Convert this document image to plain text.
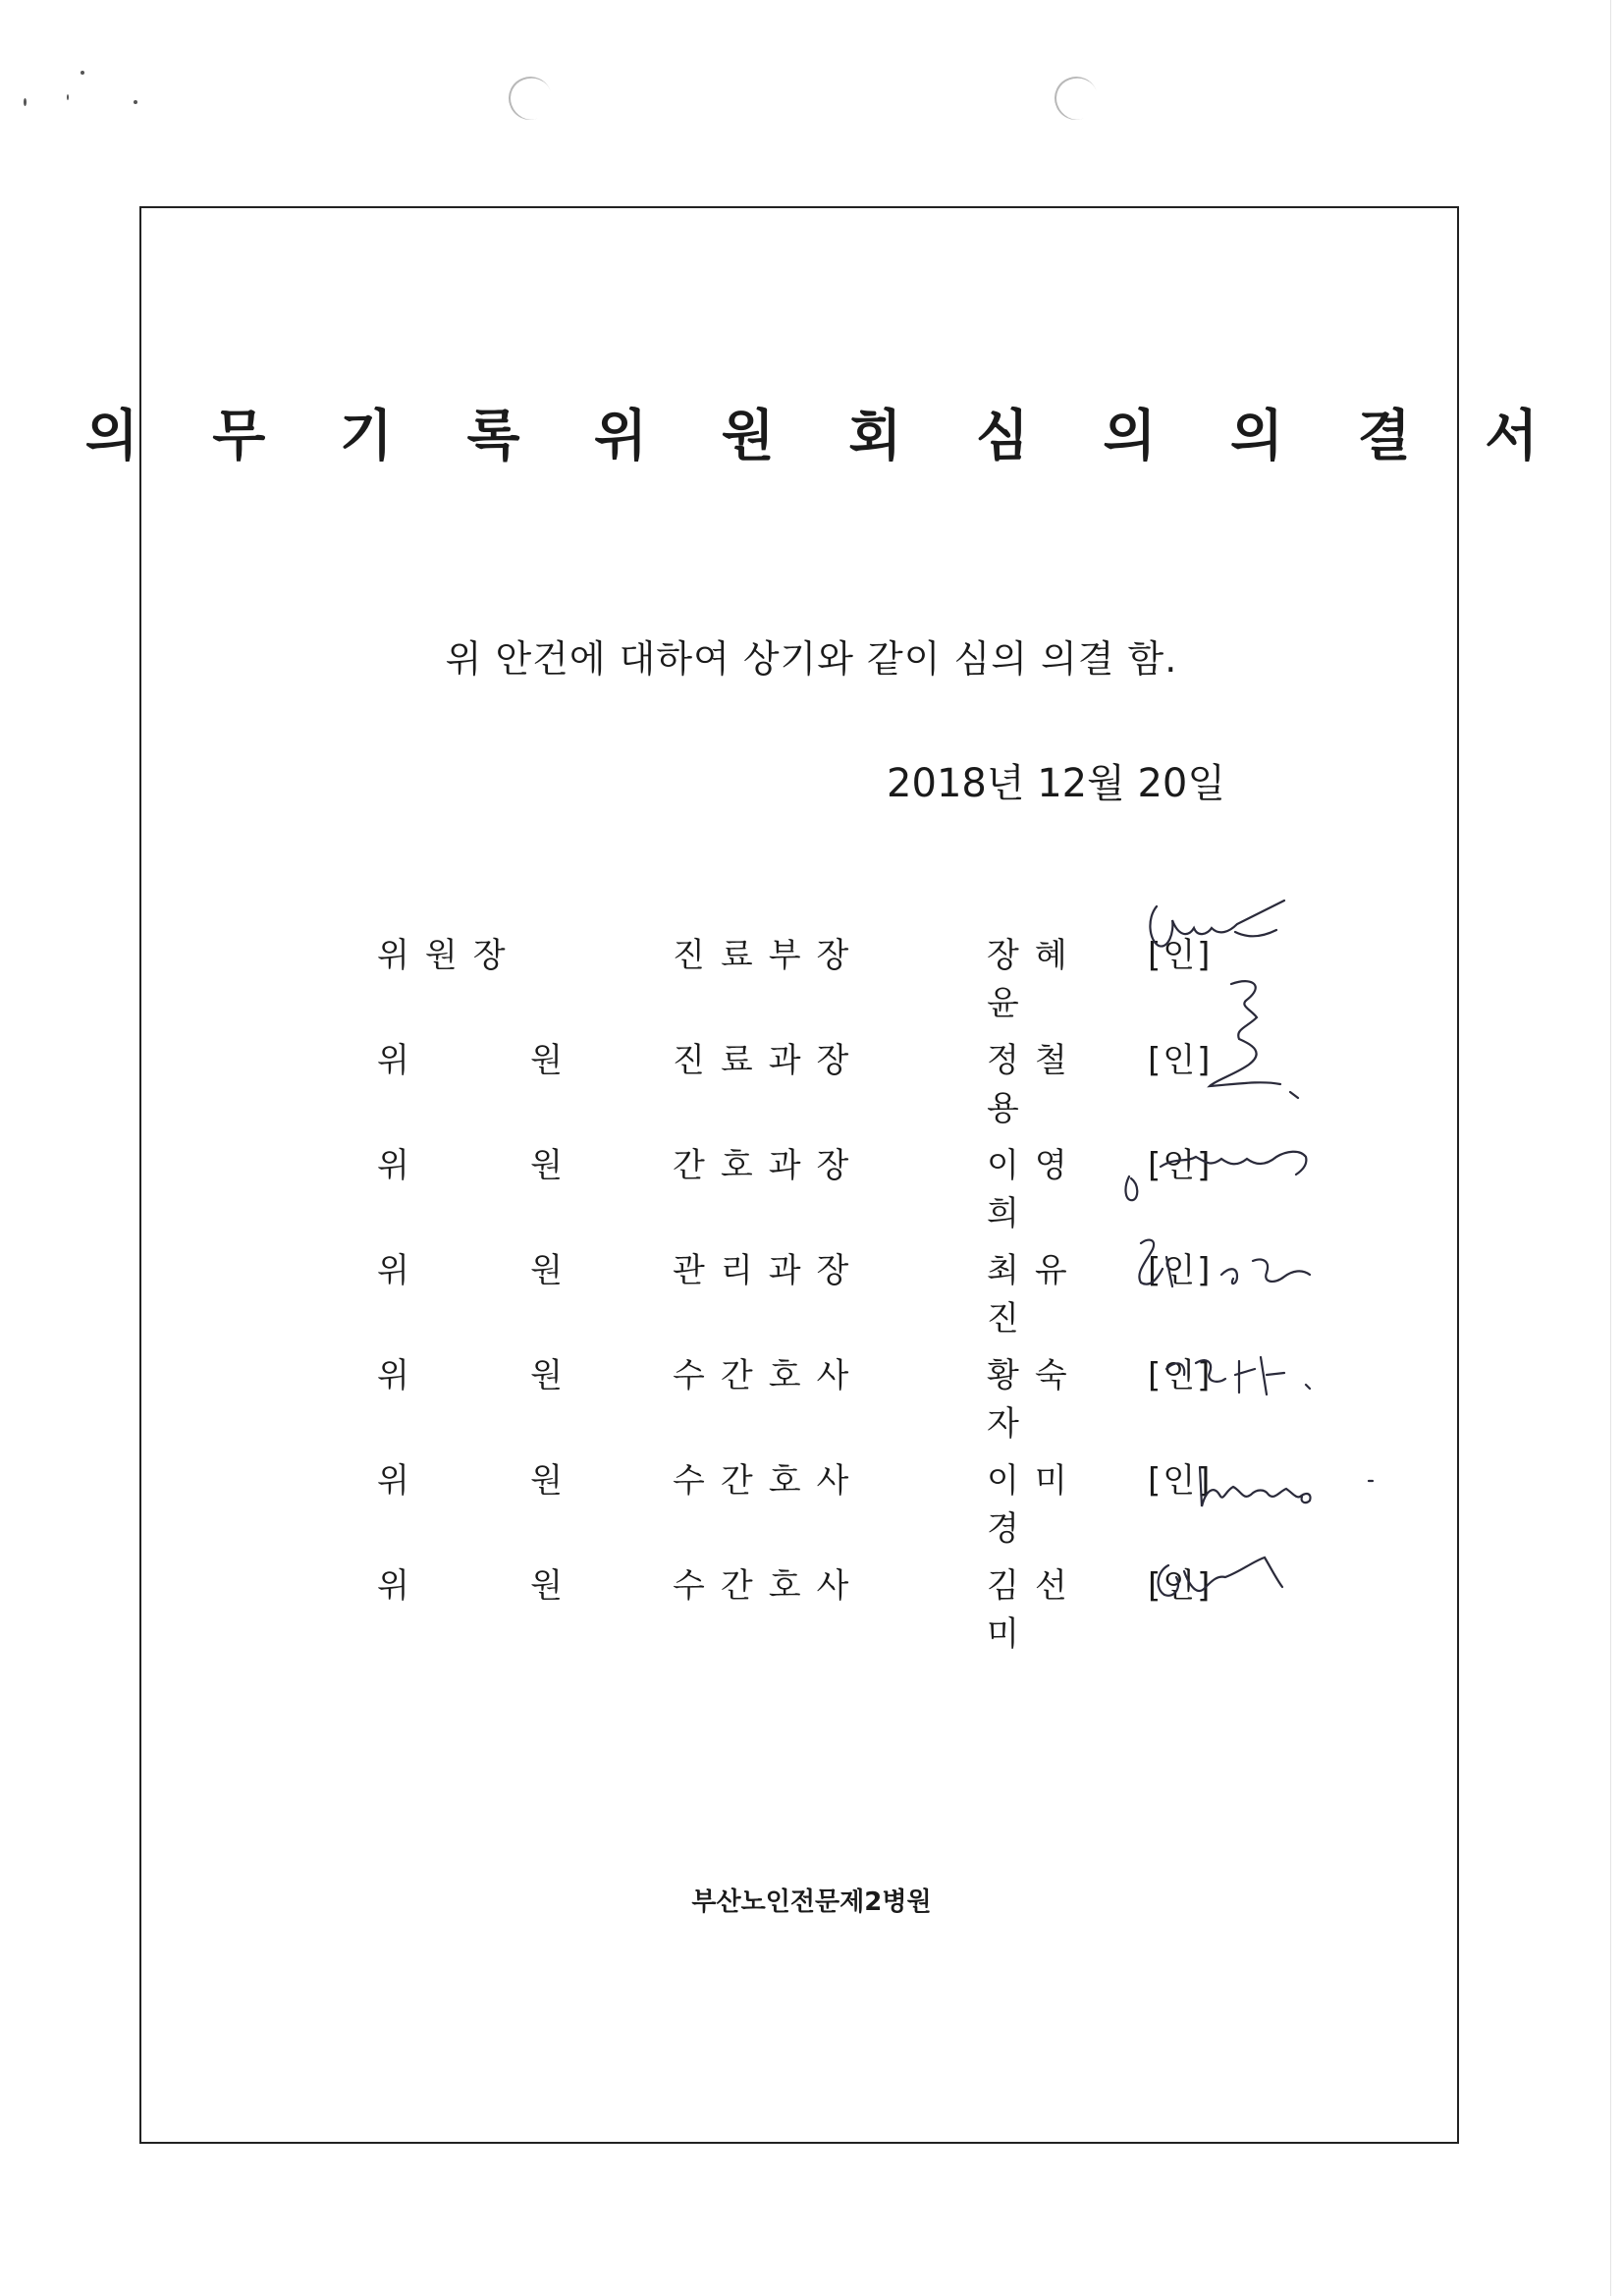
의 무 기 록 위 원 회 심 의 의 결 서
위 안건에 대하여 상기와 같이 심의 의결 함.
2018년 12월 20일
위원장	진료부장	장혜윤
[인]
위    원	진료과장	정철용
[인]
위    원	간호과장	이영희
[인]
위    원	관리과장	최유진
[인]
위    원	수간호사	황숙자
[인]
위    원	수간호사	이미경
[인]
위    원	수간호사	김선미
[인]
부산노인전문제2병원
